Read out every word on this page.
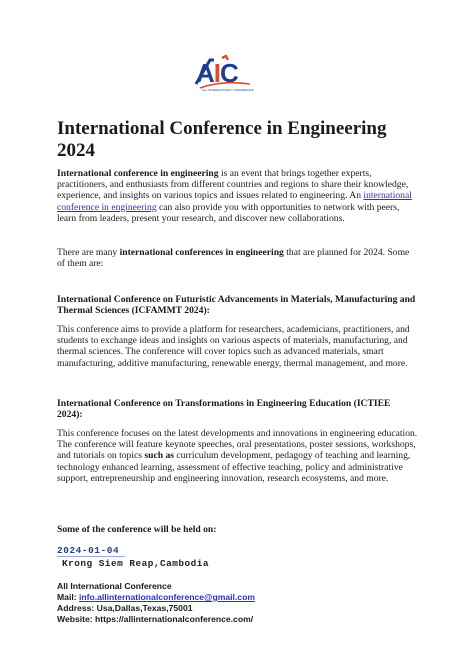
AIC
ALL INTERNATIONAL CONFERENCE
International Conference in Engineering 2024

International conference in engineering is an event that brings together experts, practitioners, and enthusiasts from different countries and regions to share their knowledge, experience, and insights on various topics and issues related to engineering. An international conference in engineering can also provide you with opportunities to network with peers, learn from leaders, present your research, and discover new collaborations.

There are many international conferences in engineering that are planned for 2024. Some of them are:

International Conference on Futuristic Advancements in Materials, Manufacturing and Thermal Sciences (ICFAMMT 2024):

This conference aims to provide a platform for researchers, academicians, practitioners, and students to exchange ideas and insights on various aspects of materials, manufacturing, and thermal sciences. The conference will cover topics such as advanced materials, smart manufacturing, additive manufacturing, renewable energy, thermal management, and more.

International Conference on Transformations in Engineering Education (ICTIEE 2024):

This conference focuses on the latest developments and innovations in engineering education. The conference will feature keynote speeches, oral presentations, poster sessions, workshops, and tutorials on topics such as curriculum development, pedagogy of teaching and learning, technology enhanced learning, assessment of effective teaching, policy and administrative support, entrepreneurship and engineering innovation, research ecosystems, and more.

Some of the conference will be held on:

2024-01-04
Krong Siem Reap,Cambodia
All International Conference
Mail: info.allinternationalconference@gmail.com
Address: Usa,Dallas,Texas,75001
Website: https://allinternationalconference.com/
